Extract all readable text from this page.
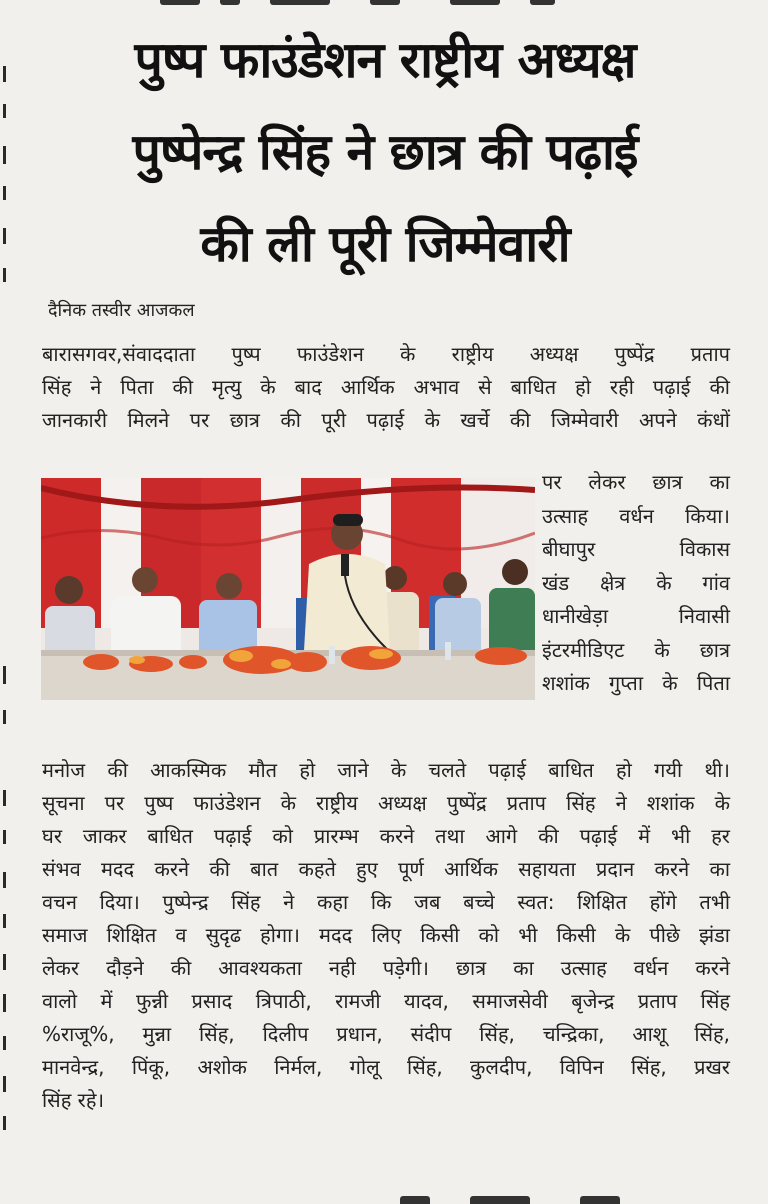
पुष्प फाउंडेशन राष्ट्रीय अध्यक्ष
पुष्पेन्द्र सिंह ने छात्र की पढ़ाई
की ली पूरी जिम्मेवारी
दैनिक तस्वीर आजकल
बारासगवर,संवाददाता पुष्प फाउंडेशन के राष्ट्रीय अध्यक्ष पुष्पेंद्र प्रताप
सिंह ने पिता की मृत्यु के बाद आर्थिक अभाव से बाधित हो रही पढ़ाई की
जानकारी मिलने पर छात्र की पूरी पढ़ाई के खर्चे की जिम्मेवारी अपने कंधों
पर लेकर छात्र का
उत्साह वर्धन किया।
बीघापुर विकास
खंड क्षेत्र के गांव
धानीखेड़ा निवासी
इंटरमीडिएट के छात्र
शशांक गुप्ता के पिता
मनोज की आकस्मिक मौत हो जाने के चलते पढ़ाई बाधित हो गयी थी।
सूचना पर पुष्प फाउंडेशन के राष्ट्रीय अध्यक्ष पुष्पेंद्र प्रताप सिंह ने शशांक के
घर जाकर बाधित पढ़ाई को प्रारम्भ करने तथा आगे की पढ़ाई में भी हर
संभव मदद करने की बात कहते हुए पूर्ण आर्थिक सहायता प्रदान करने का
वचन दिया। पुष्पेन्द्र सिंह ने कहा कि जब बच्चे स्वत: शिक्षित होंगे तभी
समाज शिक्षित व सुदृढ होगा। मदद लिए किसी को भी किसी के पीछे झंडा
लेकर दौड़ने की आवश्यकता नही पड़ेगी। छात्र का उत्साह वर्धन करने
वालो में फुन्नी प्रसाद त्रिपाठी, रामजी यादव, समाजसेवी बृजेन्द्र प्रताप सिंह
%राजू%, मुन्ना सिंह, दिलीप प्रधान, संदीप सिंह, चन्द्रिका, आशू सिंह,
मानवेन्द्र, पिंकू, अशोक निर्मल, गोलू सिंह, कुलदीप, विपिन सिंह, प्रखर
सिंह रहे।
